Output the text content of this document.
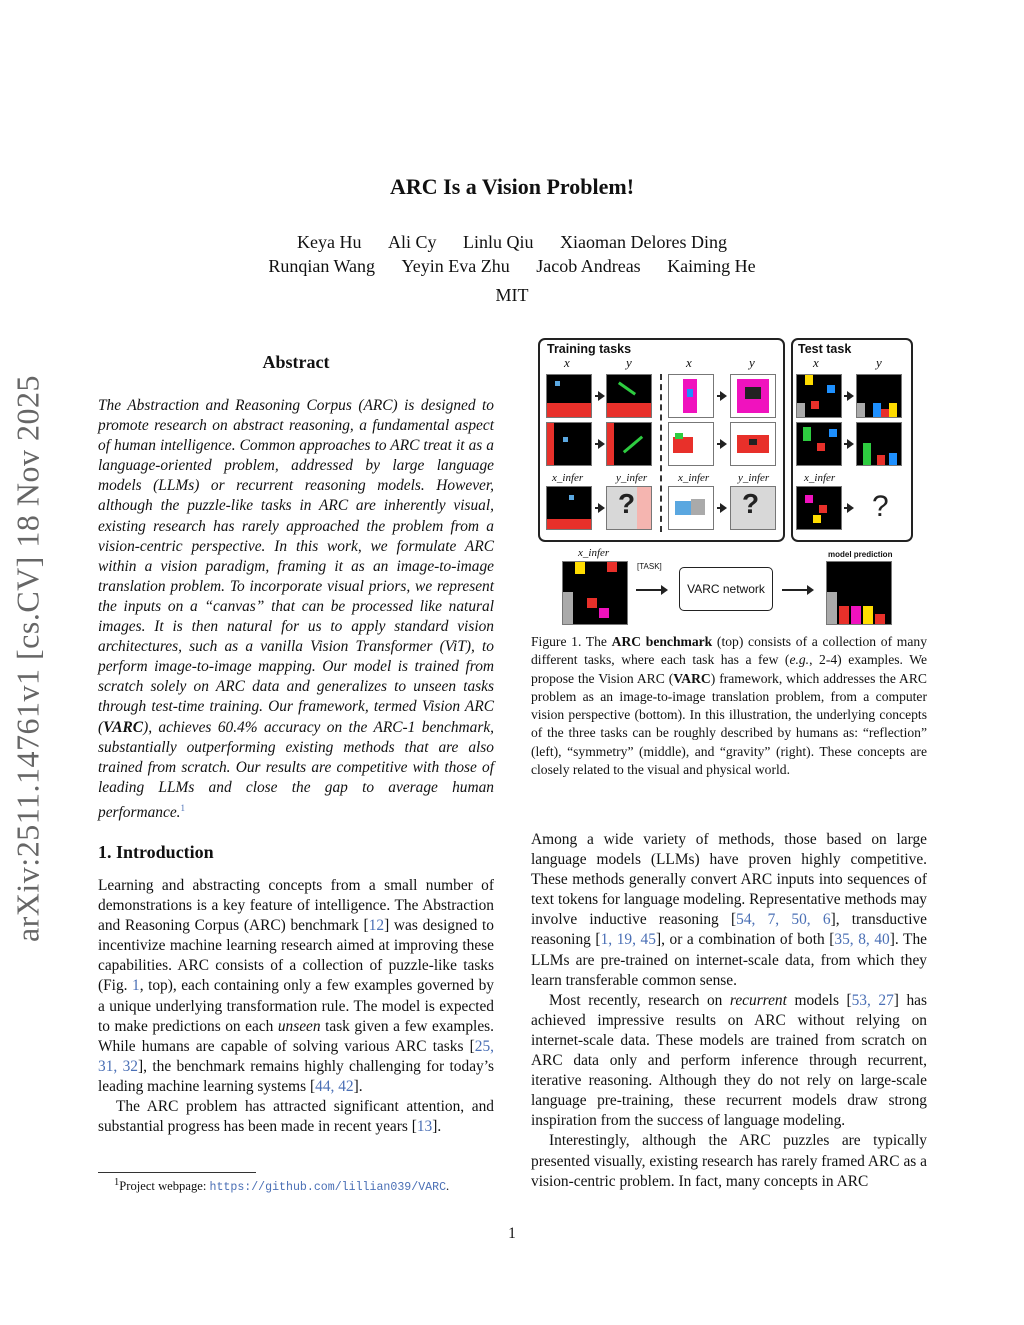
arXiv:2511.14761v1 [cs.CV] 18 Nov 2025
ARC Is a Vision Problem!
Keya Hu Ali Cy Linlu Qiu Xiaoman Delores Ding
Runqian Wang Yeyin Eva Zhu Jacob Andreas Kaiming He
MIT
Abstract

The Abstraction and Reasoning Corpus (ARC) is designed to promote research on abstract reasoning, a fundamental aspect of human intelligence. Common approaches to ARC treat it as a language-oriented problem, addressed by large language models (LLMs) or recurrent reasoning models. However, although the puzzle-like tasks in ARC are inherently visual, existing research has rarely approached the problem from a vision-centric perspective. In this work, we formulate ARC within a vision paradigm, framing it as an image-to-image translation problem. To incorporate visual priors, we represent the inputs on a “canvas” that can be processed like natural images. It is then natural for us to apply standard vision architectures, such as a vanilla Vision Transformer (ViT), to perform image-to-image mapping. Our model is trained from scratch solely on ARC data and generalizes to unseen tasks through test-time training. Our framework, termed Vision ARC (VARC), achieves 60.4% accuracy on the ARC-1 benchmark, substantially outperforming existing methods that are also trained from scratch. Our results are competitive with those of leading LLMs and close the gap to average human performance.$^1$

1. Introduction

Learning and abstracting concepts from a small number of demonstrations is a key feature of intelligence. The Abstraction and Reasoning Corpus (ARC) benchmark [12] was designed to incentivize machine learning research aimed at improving these capabilities. ARC consists of a collection of puzzle-like tasks (Fig. 1, top), each containing only a few examples governed by a unique underlying transformation rule. The model is expected to make predictions on each unseen task given a few examples. While humans are capable of solving various ARC tasks [25, 31, 32], the benchmark remains highly challenging for today’s leading machine learning systems [44, 42].

The ARC problem has attracted significant attention, and substantial progress has been made in recent years [13].

$^1$Project webpage: https://github.com/lillian039/VARC.

Among a wide variety of methods, those based on large language models (LLMs) have proven highly competitive. These methods generally convert ARC inputs into sequences of text tokens for language modeling. Representative methods may involve inductive reasoning [54, 7, 50, 6], transductive reasoning [1, 19, 45], or a combination of both [35, 8, 40]. The LLMs are pre-trained on internet-scale data, from which they learn transferable common sense.

Most recently, research on recurrent models [53, 27] has achieved impressive results on ARC without relying on internet-scale data. These models are trained from scratch on ARC data only and perform inference through recurrent, iterative reasoning. Although they do not rely on large-scale language pre-training, these recurrent models draw strong inspiration from the success of language modeling.

Interestingly, although the ARC puzzles are typically presented visually, existing research has rarely framed ARC as a vision-centric problem. In fact, many concepts in ARC

Training tasks
x	y	x	y
x_infer	y_infer	x_infer	y_infer
?	?
Test task
x	y
x_infer
?
x_infer
[TASK]
VARC network
model prediction
Figure 1. The ARC benchmark (top) consists of a collection of many different tasks, where each task has a few (e.g., 2-4) examples. We propose the Vision ARC (VARC) framework, which addresses the ARC problem as an image-to-image translation problem, from a computer vision perspective (bottom). In this illustration, the underlying concepts of the three tasks can be roughly described by humans as: “reflection” (left), “symmetry” (middle), and “gravity” (right). These concepts are closely related to the visual and physical world.
1
